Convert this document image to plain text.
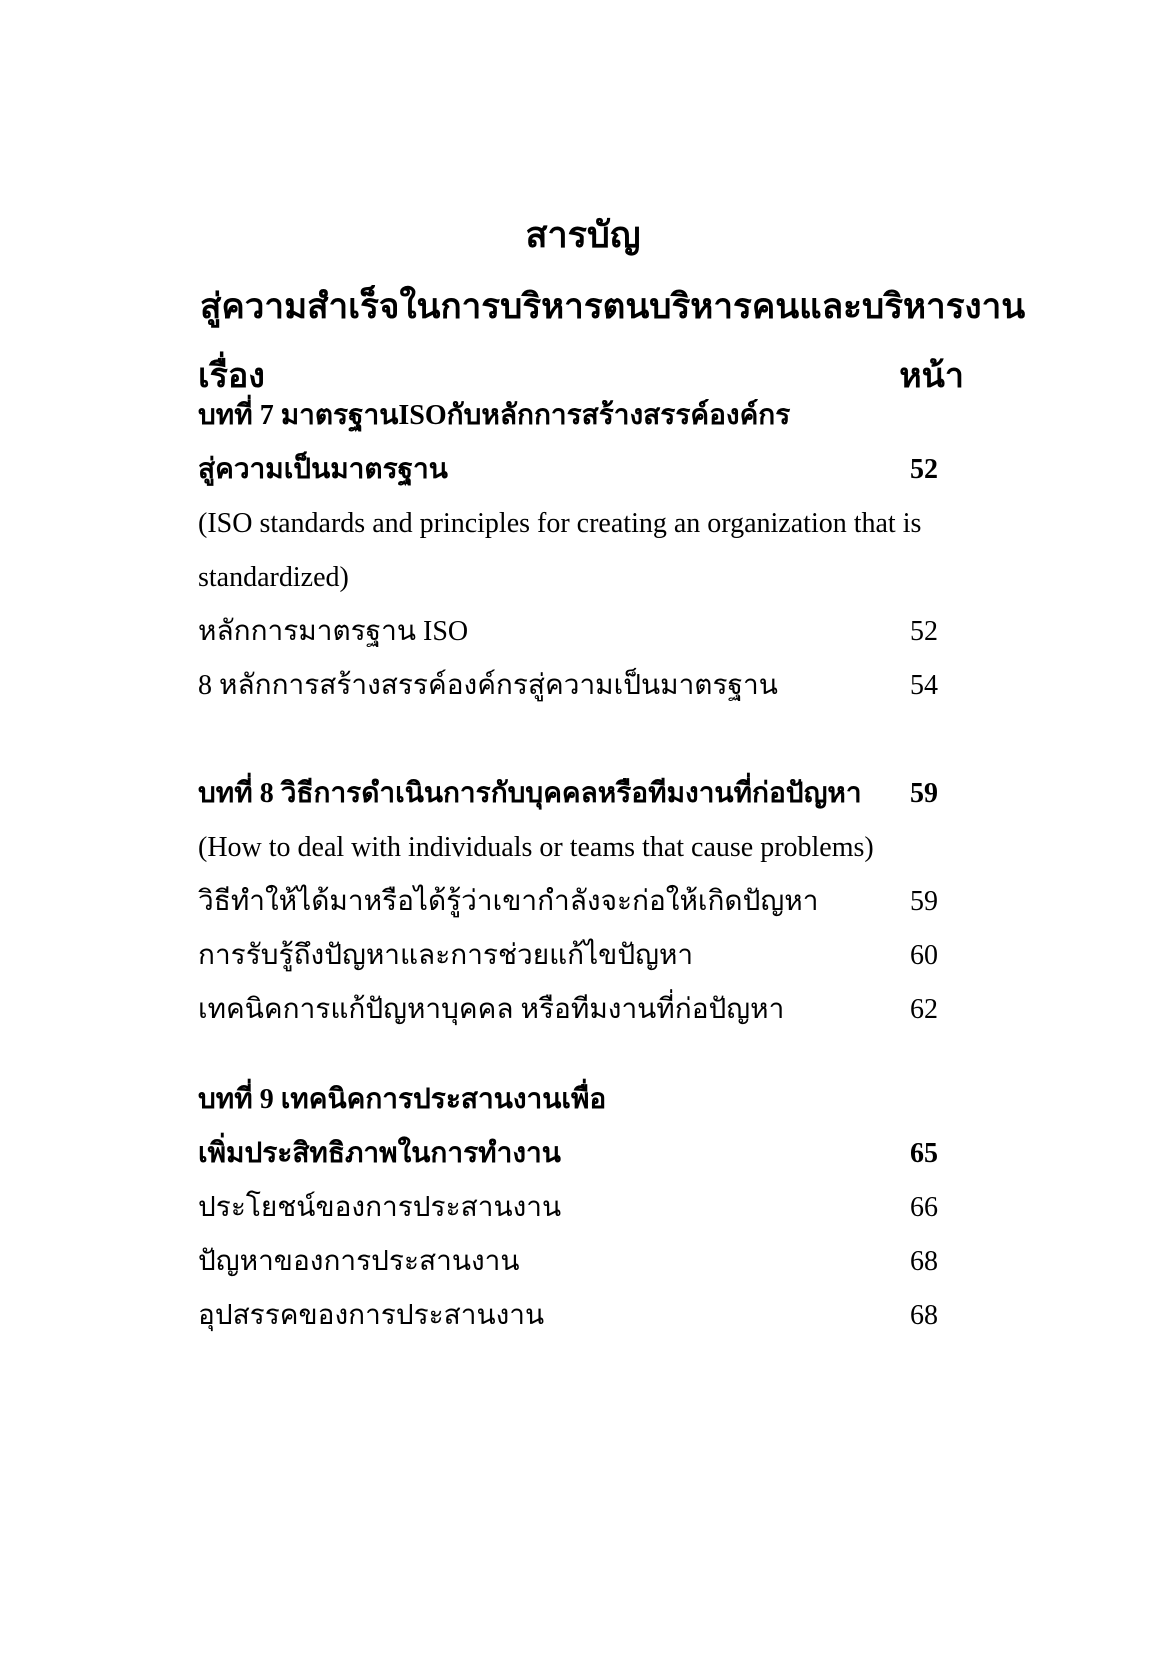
สารบัญ
สู่ความสำเร็จในการบริหารตนบริหารคนและบริหารงาน
เรื่อง	หน้า
บทที่ 7 มาตรฐานISOกับหลักการสร้างสรรค์องค์กร
สู่ความเป็นมาตรฐาน	52
(ISO standards and principles for creating an organization that is
standardized)
หลักการมาตรฐาน ISO	52
8 หลักการสร้างสรรค์องค์กรสู่ความเป็นมาตรฐาน	54
บทที่ 8 วิธีการดำเนินการกับบุคคลหรือทีมงานที่ก่อปัญหา 59
(How to deal with individuals or teams that cause problems)
วิธีทำให้ได้มาหรือได้รู้ว่าเขากำลังจะก่อให้เกิดปัญหา	59
การรับรู้ถึงปัญหาและการช่วยแก้ไขปัญหา	60
เทคนิคการแก้ปัญหาบุคคล หรือทีมงานที่ก่อปัญหา	62
บทที่ 9 เทคนิคการประสานงานเพื่อ
เพิ่มประสิทธิภาพในการทำงาน	65
ประโยชน์ของการประสานงาน	66
ปัญหาของการประสานงาน	68
อุปสรรคของการประสานงาน	68
